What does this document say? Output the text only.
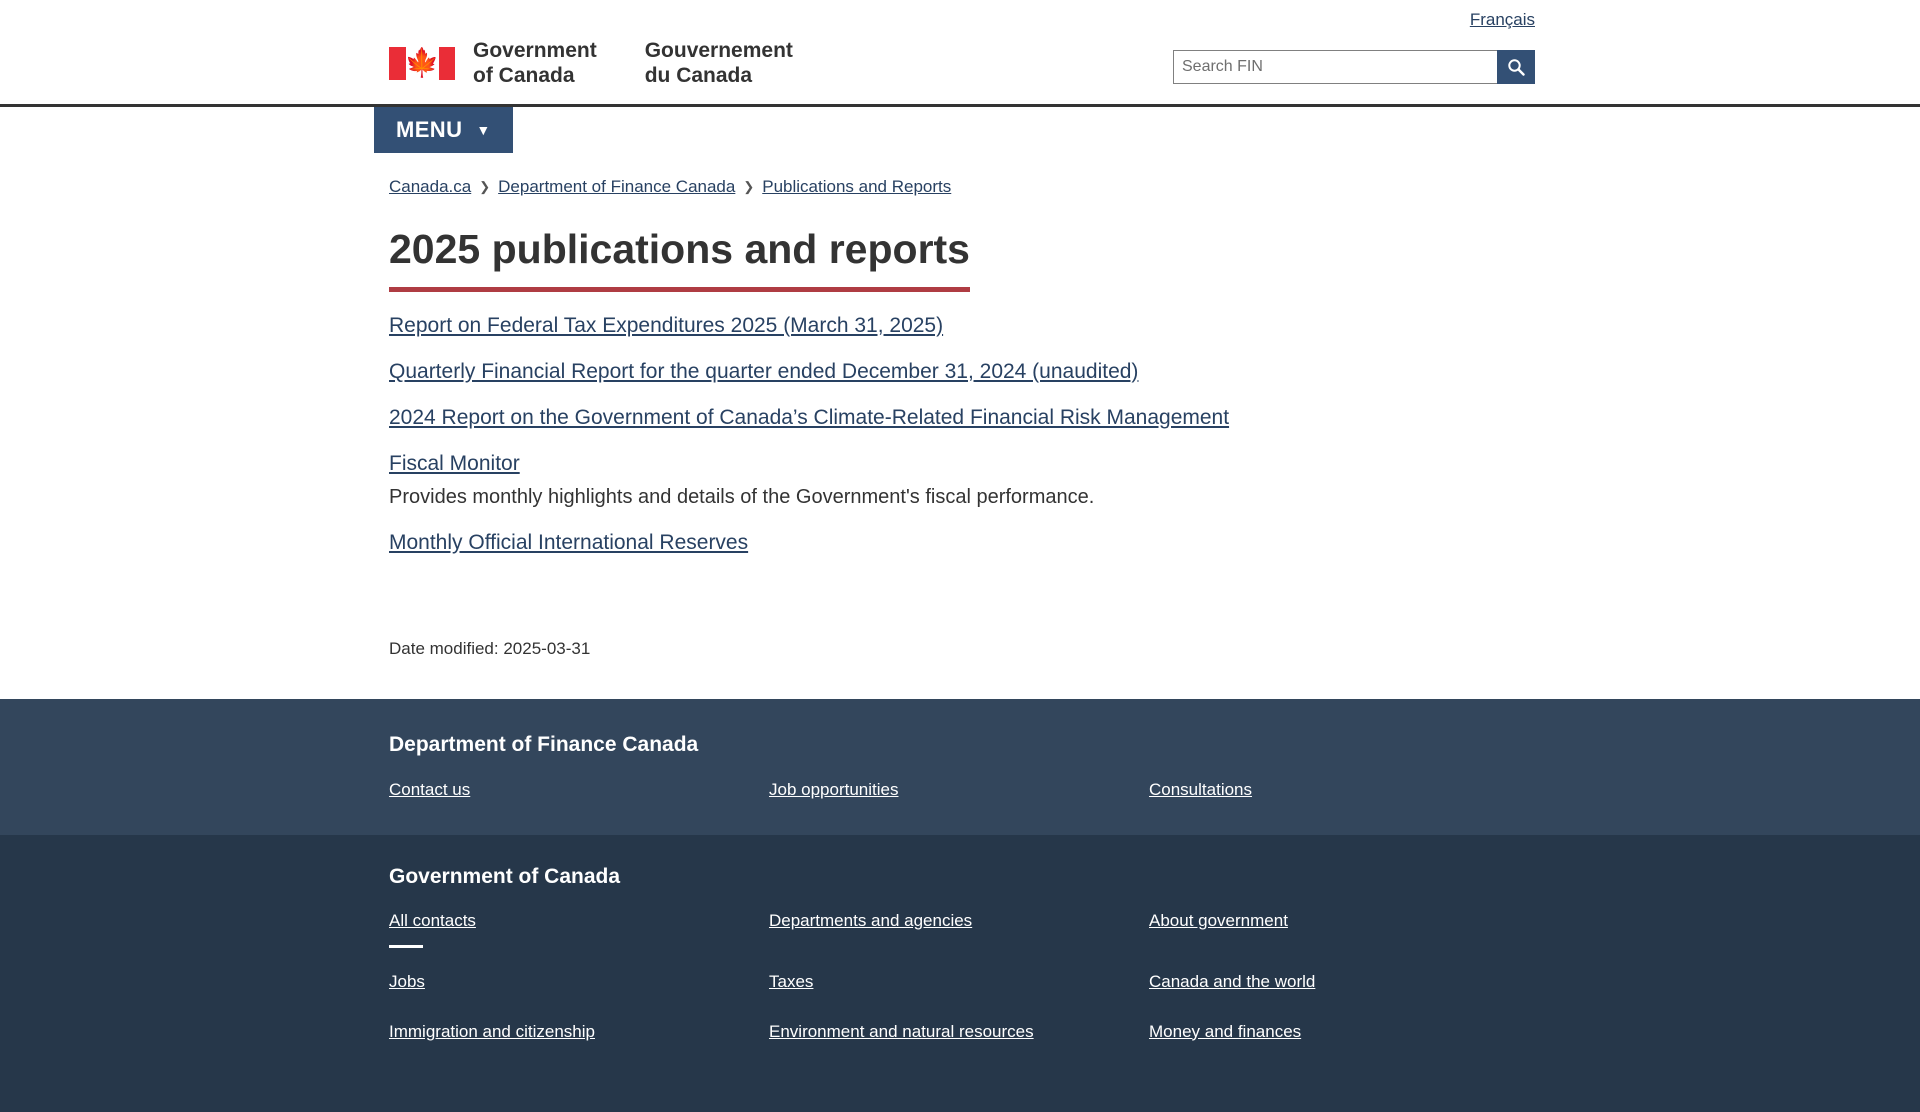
Français
🍁 Government
of Canada
Gouvernement
du Canada
Search FIN
MENU ▼
Canada.ca ❯ Department of Finance Canada ❯ Publications and Reports
2025 publications and reports
Report on Federal Tax Expenditures 2025 (March 31, 2025)
Quarterly Financial Report for the quarter ended December 31, 2024 (unaudited)
2024 Report on the Government of Canada’s Climate-Related Financial Risk Management
Fiscal Monitor

Provides monthly highlights and details of the Government's fiscal performance.

Monthly Official International Reserves
Date modified: 2025-03-31
Department of Finance Canada
Contact us	Job opportunities	Consultations
Government of Canada
All contacts
Jobs
Immigration and citizenship
Departments and agencies
Taxes
Environment and natural resources
About government
Canada and the world
Money and finances
